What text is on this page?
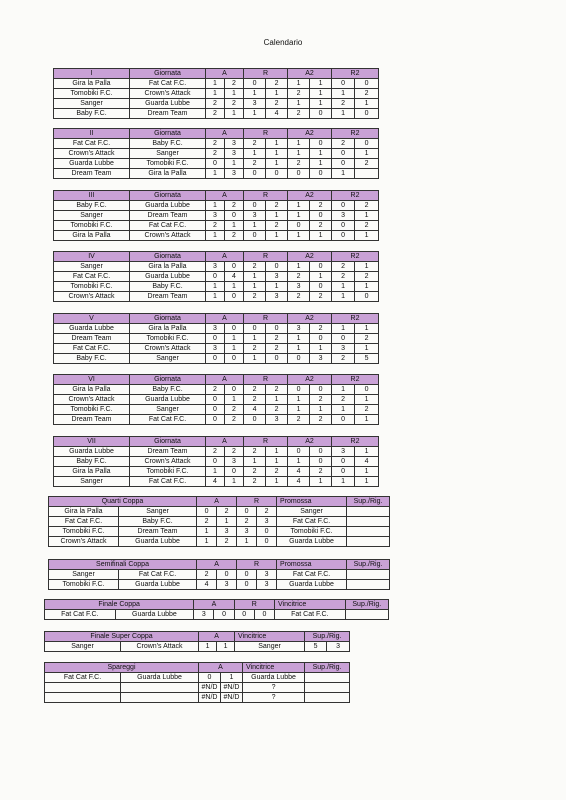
Calendario
I	Giornata	A		R		A2		R2	
Gira la Palla	Fat Cat F.C.	1	2	0	2	1	1	0	0
Tomobiki F.C.	Crown's Attack	1	1	1	1	2	1	1	2
Sanger	Guarda Lubbe	2	2	3	2	1	1	2	1
Baby F.C.	Dream Team	2	1	1	4	2	0	1	0
II	Giornata	A		R		A2		R2	
Fat Cat F.C.	Baby F.C.	2	3	2	1	1	0	2	0
Crown's Attack	Sanger	2	3	1	1	1	1	0	1
Guarda Lubbe	Tomobiki F.C.	0	1	2	1	2	1	0	2
Dream Team	Gira la Palla	1	3	0	0	0	0	1	
III	Giornata	A		R		A2		R2	
Baby F.C.	Guarda Lubbe	1	2	0	2	1	2	0	2
Sanger	Dream Team	3	0	3	1	1	0	3	1
Tomobiki F.C.	Fat Cat F.C.	2	1	1	2	0	2	0	2
Gira la Palla	Crown's Attack	1	2	0	1	1	1	0	1
IV	Giornata	A		R		A2		R2	
Sanger	Gira la Palla	3	0	2	0	1	0	2	1
Fat Cat F.C.	Guarda Lubbe	0	4	1	3	2	1	2	2
Tomobiki F.C.	Baby F.C.	1	1	1	1	3	0	1	1
Crown's Attack	Dream Team	1	0	2	3	2	2	1	0
V	Giornata	A		R		A2		R2	
Guarda Lubbe	Gira la Palla	3	0	0	0	3	2	1	1
Dream Team	Tomobiki F.C.	0	1	1	2	1	0	0	2
Fat Cat F.C.	Crown's Attack	3	1	2	2	1	1	3	1
Baby F.C.	Sanger	0	0	1	0	0	3	2	5
VI	Giornata	A		R		A2		R2	
Gira la Palla	Baby F.C.	2	0	2	2	0	0	1	0
Crown's Attack	Guarda Lubbe	0	1	2	1	1	2	2	1
Tomobiki F.C.	Sanger	0	2	4	2	1	1	1	2
Dream Team	Fat Cat F.C.	0	2	0	3	2	2	0	1
VII	Giornata	A		R		A2		R2	
Guarda Lubbe	Dream Team	2	2	2	1	0	0	3	1
Baby F.C.	Crown's Attack	0	3	1	1	1	0	0	4
Gira la Palla	Tomobiki F.C.	1	0	2	2	4	2	0	1
Sanger	Fat Cat F.C.	4	1	2	1	4	1	1	1
Quarti Coppa		A		R		Promossa	Sup./Rig.
Gira la Palla	Sanger	0	2	0	2	Sanger	
Fat Cat F.C.	Baby F.C.	2	1	2	3	Fat Cat F.C.	
Tomobiki F.C.	Dream Team	1	3	3	0	Tomobiki F.C.	
Crown's Attack	Guarda Lubbe	1	2	1	0	Guarda Lubbe	
Semifinali Coppa		A		R		Promossa	Sup./Rig.
Sanger	Fat Cat F.C.	2	0	0	3	Fat Cat F.C.	
Tomobiki F.C.	Guarda Lubbe	4	3	0	3	Guarda Lubbe	
Finale Coppa		A		R		Vincitrice	Sup./Rig.
Fat Cat F.C.	Guarda Lubbe	3	0	0	0	Fat Cat F.C.	
Finale Super Coppa		A		Vincitrice	Sup./Rig.	
Sanger	Crown's Attack	1	1	Sanger	5	3
Spareggi		A		Vincitrice	Sup./Rig.
Fat Cat F.C.	Guarda Lubbe	0	1	Guarda Lubbe	
		#N/D	#N/D	?	
		#N/D	#N/D	?	
